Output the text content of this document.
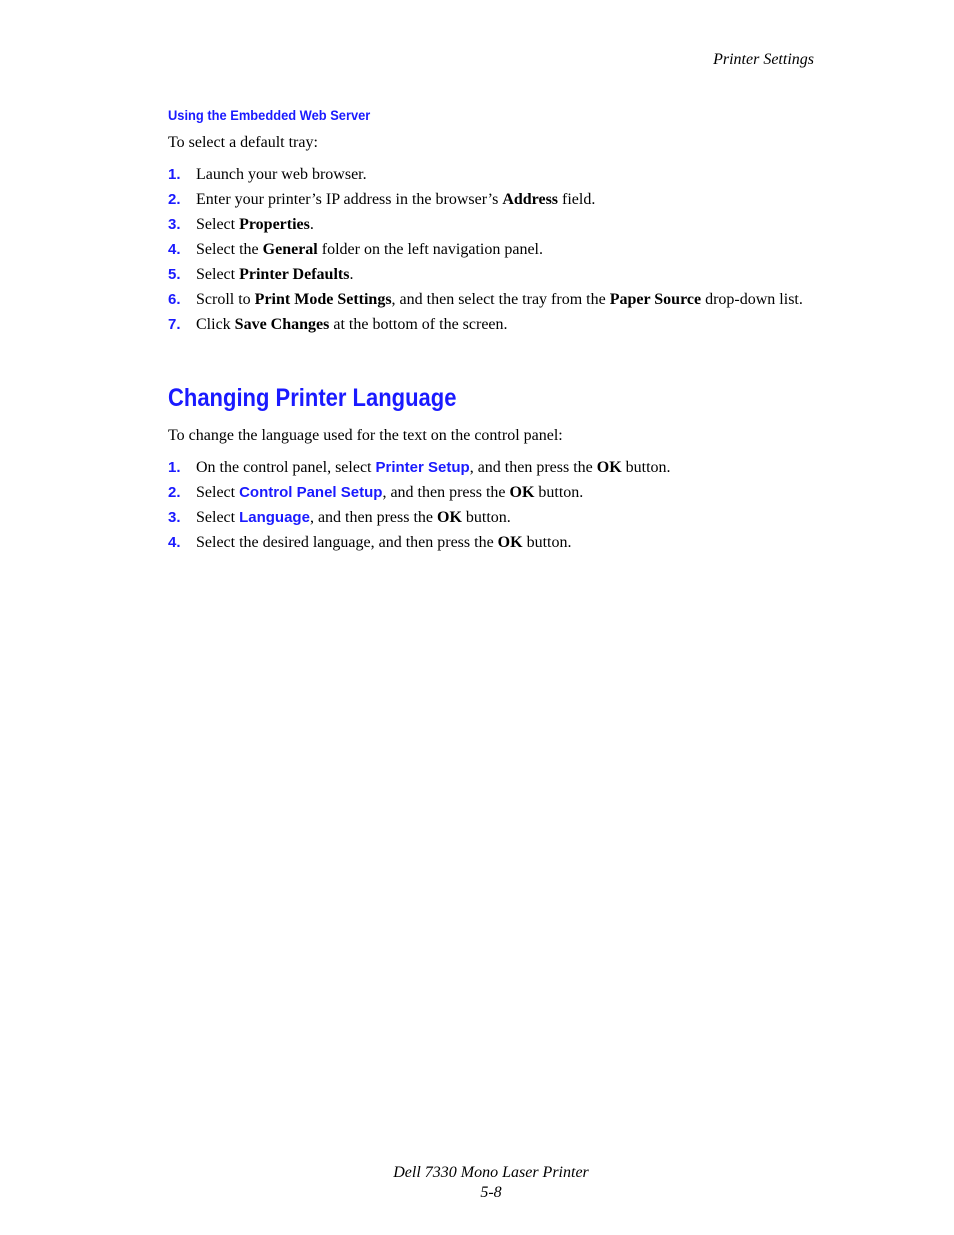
Printer Settings
Using the Embedded Web Server
To select a default tray:
1. Launch your web browser.
2. Enter your printer’s IP address in the browser’s Address field.
3. Select Properties.
4. Select the General folder on the left navigation panel.
5. Select Printer Defaults.
6. Scroll to Print Mode Settings, and then select the tray from the Paper Source drop-down list.
7. Click Save Changes at the bottom of the screen.
Changing Printer Language
To change the language used for the text on the control panel:
1. On the control panel, select Printer Setup, and then press the OK button.
2. Select Control Panel Setup, and then press the OK button.
3. Select Language, and then press the OK button.
4. Select the desired language, and then press the OK button.
Dell 7330 Mono Laser Printer
5-8
